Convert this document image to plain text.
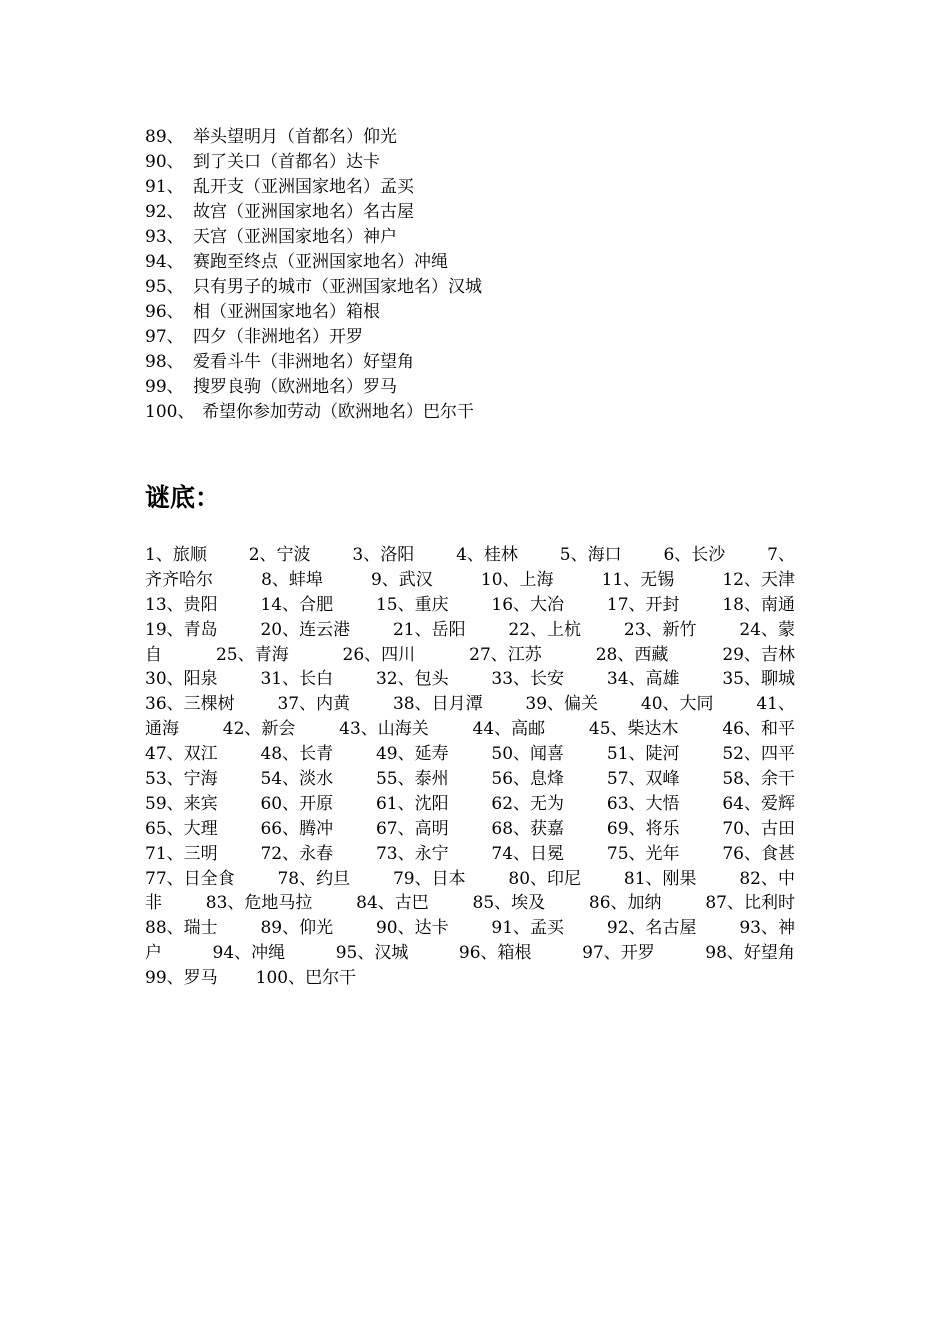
89、 举头望明月（首都名）仰光
90、 到了关口（首都名）达卡
91、 乱开支（亚洲国家地名）孟买
92、 故宫（亚洲国家地名）名古屋
93、 天宫（亚洲国家地名）神户
94、 赛跑至终点（亚洲国家地名）冲绳
95、 只有男子的城市（亚洲国家地名）汉城
96、 相（亚洲国家地名）箱根
97、 四夕（非洲地名）开罗
98、 爱看斗牛（非洲地名）好望角
99、 搜罗良驹（欧洲地名）罗马
100、 希望你参加劳动（欧洲地名）巴尔干
谜底：
1、旅顺 2、宁波 3、洛阳 4、桂林 5、海口 6、长沙 7、
齐齐哈尔	8、蚌埠	9、武汉	10、上海	11、无锡	12、天津
13、贵阳	14、合肥	15、重庆	16、大冶	17、开封	18、南通
19、青岛	20、连云港	21、岳阳	22、上杭	23、新竹	24、蒙
自	25、青海	26、四川	27、江苏	28、西藏	29、吉林
30、阳泉	31、长白	32、包头	33、长安	34、高雄	35、聊城
36、三棵树	37、内黄	38、日月潭	39、偏关	40、大同	41、
通海	42、新会	43、山海关	44、高邮	45、柴达木	46、和平
47、双江	48、长青	49、延寿	50、闻喜	51、陡河	52、四平
53、宁海	54、淡水	55、泰州	56、息烽	57、双峰	58、余干
59、来宾	60、开原	61、沈阳	62、无为	63、大悟	64、爱辉
65、大理	66、腾冲	67、高明	68、获嘉	69、将乐	70、古田
71、三明	72、永春	73、永宁	74、日冕	75、光年	76、食甚
77、日全食	78、约旦	79、日本	80、印尼	81、刚果	82、中
非	83、危地马拉	84、古巴	85、埃及	86、加纳	87、比利时
88、瑞士	89、仰光	90、达卡	91、孟买	92、名古屋	93、神
户	94、冲绳	95、汉城	96、箱根	97、开罗	98、好望角
99、罗马 100、巴尔干
